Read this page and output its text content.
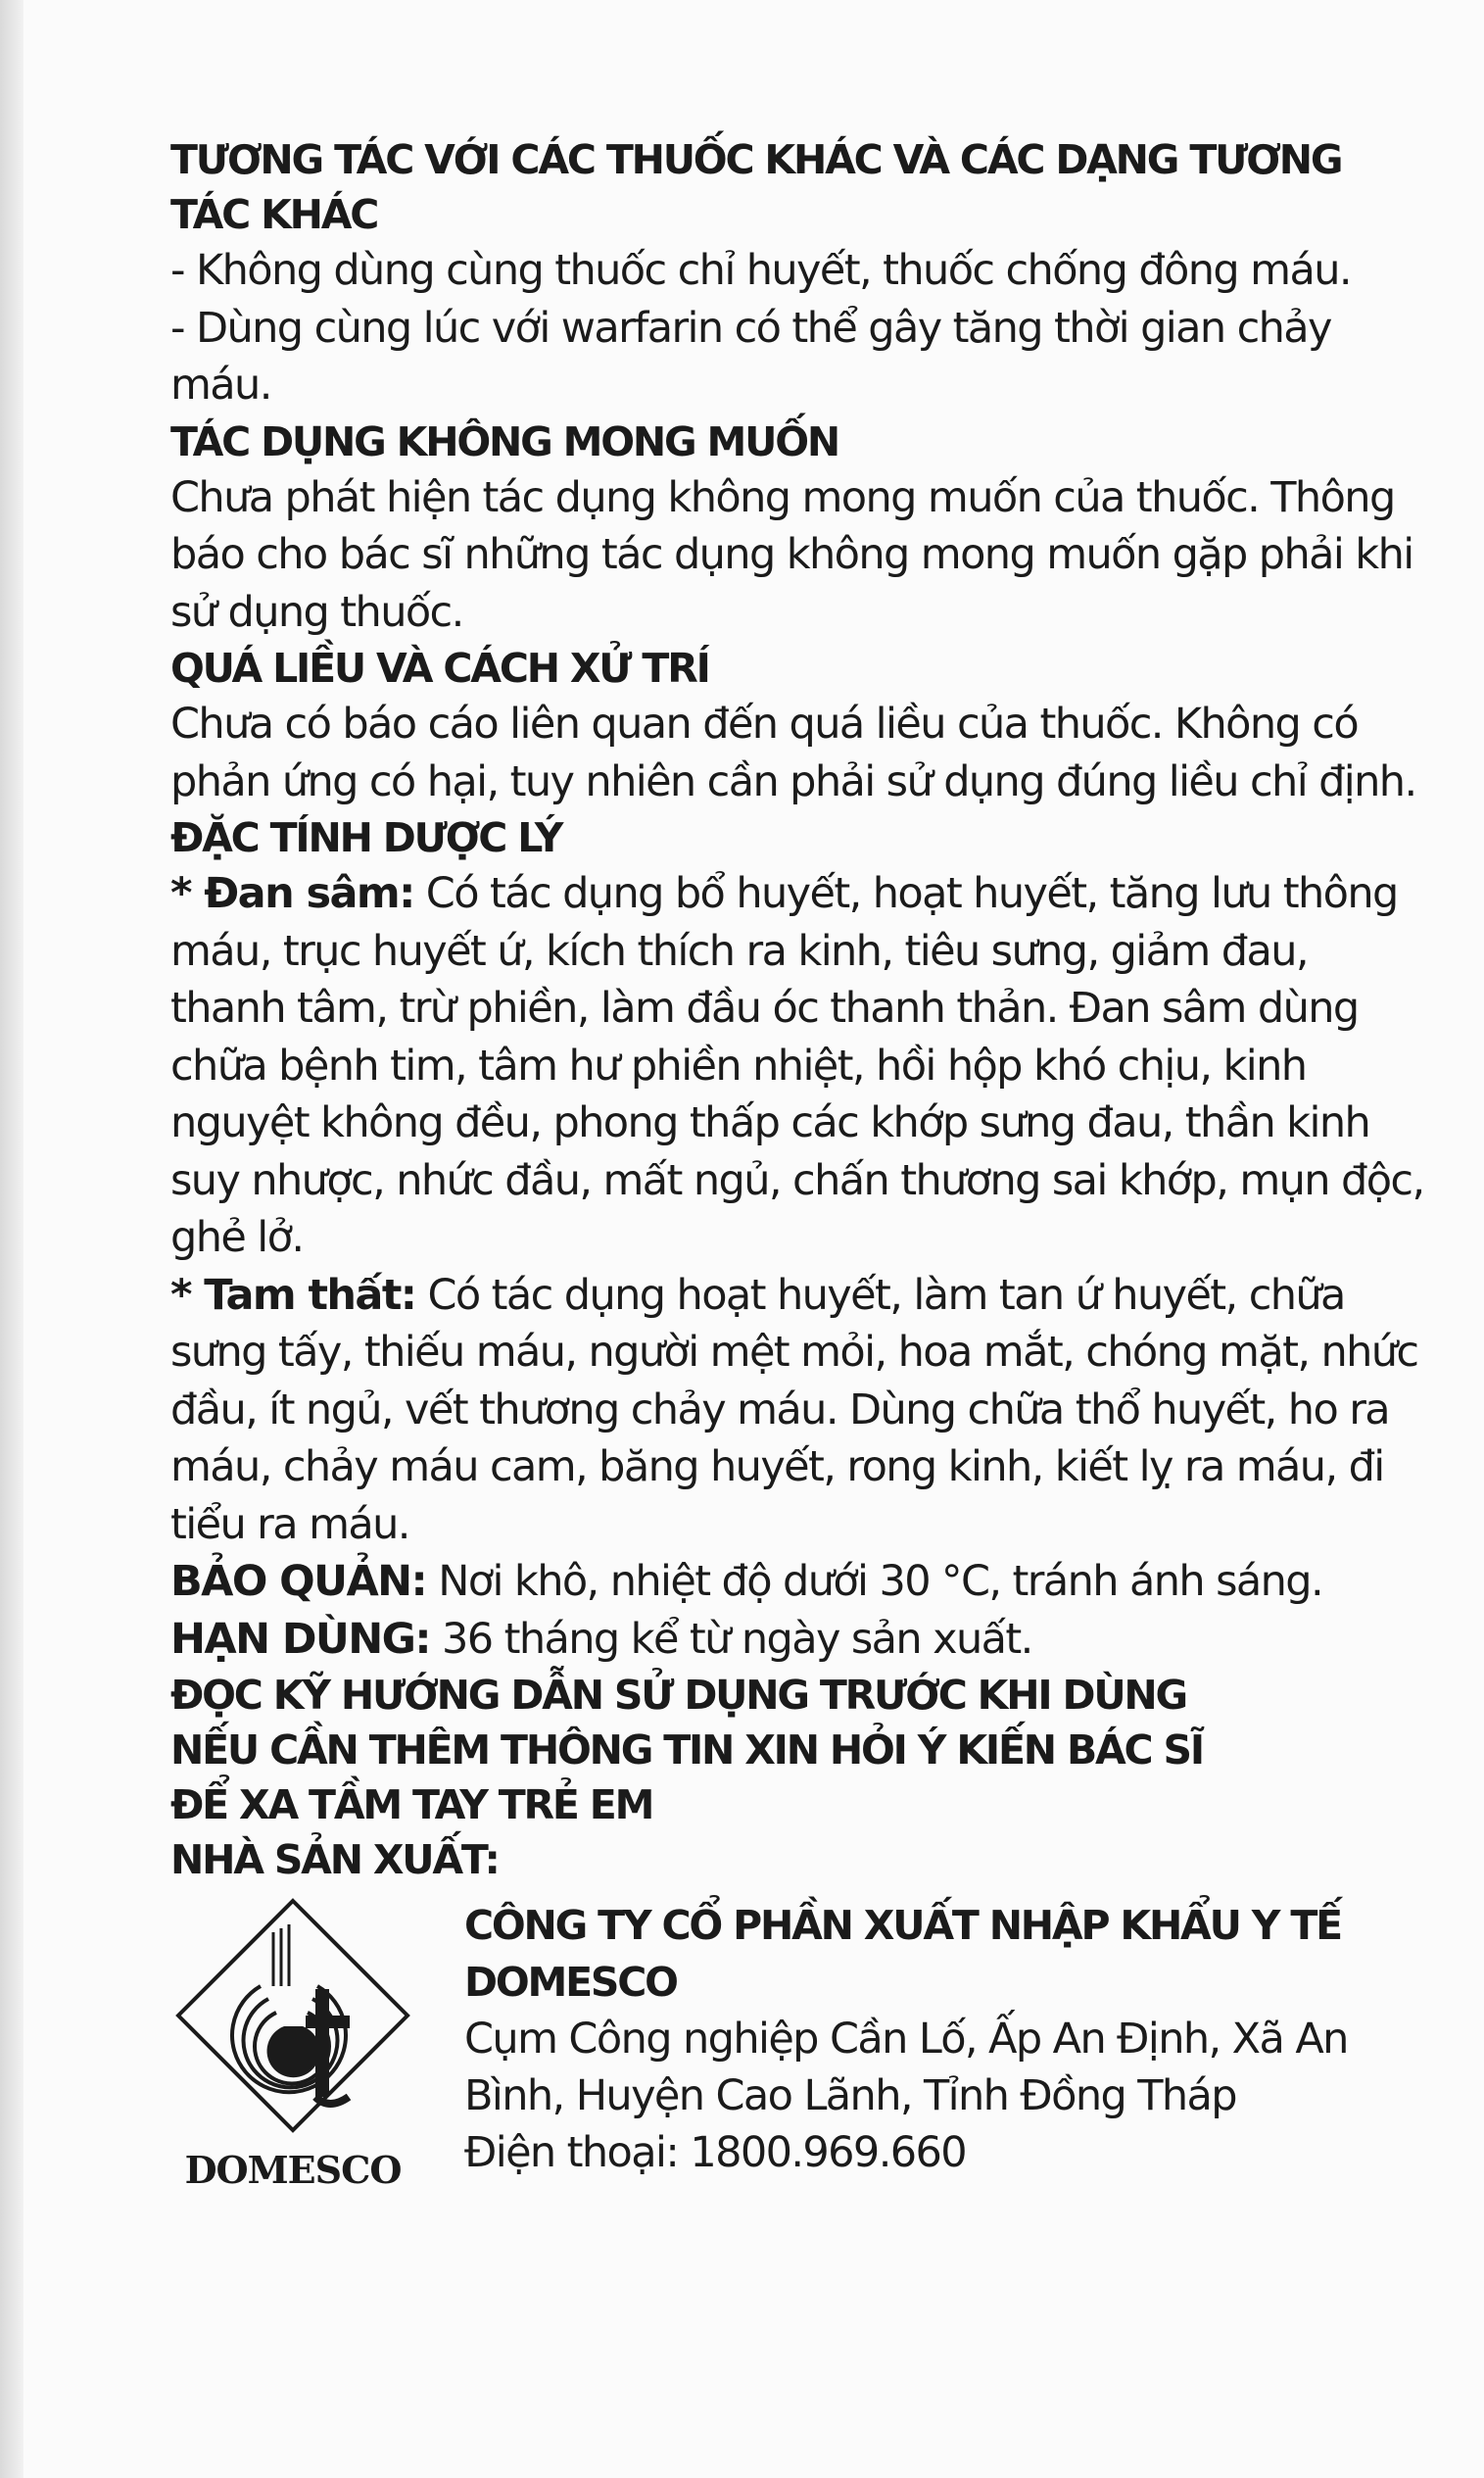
TƯƠNG TÁC VỚI CÁC THUỐC KHÁC VÀ CÁC DẠNG TƯƠNG TÁC KHÁC

- Không dùng cùng thuốc chỉ huyết, thuốc chống đông máu.

- Dùng cùng lúc với warfarin có thể gây tăng thời gian chảy máu.

TÁC DỤNG KHÔNG MONG MUỐN

Chưa phát hiện tác dụng không mong muốn của thuốc. Thông báo cho bác sĩ những tác dụng không mong muốn gặp phải khi sử dụng thuốc.

QUÁ LIỀU VÀ CÁCH XỬ TRÍ

Chưa có báo cáo liên quan đến quá liều của thuốc. Không có phản ứng có hại, tuy nhiên cần phải sử dụng đúng liều chỉ định.

ĐẶC TÍNH DƯỢC LÝ

* Đan sâm: Có tác dụng bổ huyết, hoạt huyết, tăng lưu thông máu, trục huyết ứ, kích thích ra kinh, tiêu sưng, giảm đau, thanh tâm, trừ phiền, làm đầu óc thanh thản. Đan sâm dùng chữa bệnh tim, tâm hư phiền nhiệt, hồi hộp khó chịu, kinh nguyệt không đều, phong thấp các khớp sưng đau, thần kinh suy nhược, nhức đầu, mất ngủ, chấn thương sai khớp, mụn độc, ghẻ lở.

* Tam thất: Có tác dụng hoạt huyết, làm tan ứ huyết, chữa sưng tấy, thiếu máu, người mệt mỏi, hoa mắt, chóng mặt, nhức đầu, ít ngủ, vết thương chảy máu. Dùng chữa thổ huyết, ho ra máu, chảy máu cam, băng huyết, rong kinh, kiết lỵ ra máu, đi tiểu ra máu.

BẢO QUẢN: Nơi khô, nhiệt độ dưới 30 °C, tránh ánh sáng.

HẠN DÙNG: 36 tháng kể từ ngày sản xuất.

ĐỌC KỸ HƯỚNG DẪN SỬ DỤNG TRƯỚC KHI DÙNG

NẾU CẦN THÊM THÔNG TIN XIN HỎI Ý KIẾN BÁC SĨ

ĐỂ XA TẦM TAY TRẺ EM

NHÀ SẢN XUẤT:

DOMESCO

CÔNG TY CỔ PHẦN XUẤT NHẬP KHẨU Y TẾ DOMESCO

Cụm Công nghiệp Cần Lố, Ấp An Định, Xã An Bình, Huyện Cao Lãnh, Tỉnh Đồng Tháp

Điện thoại: 1800.969.660
